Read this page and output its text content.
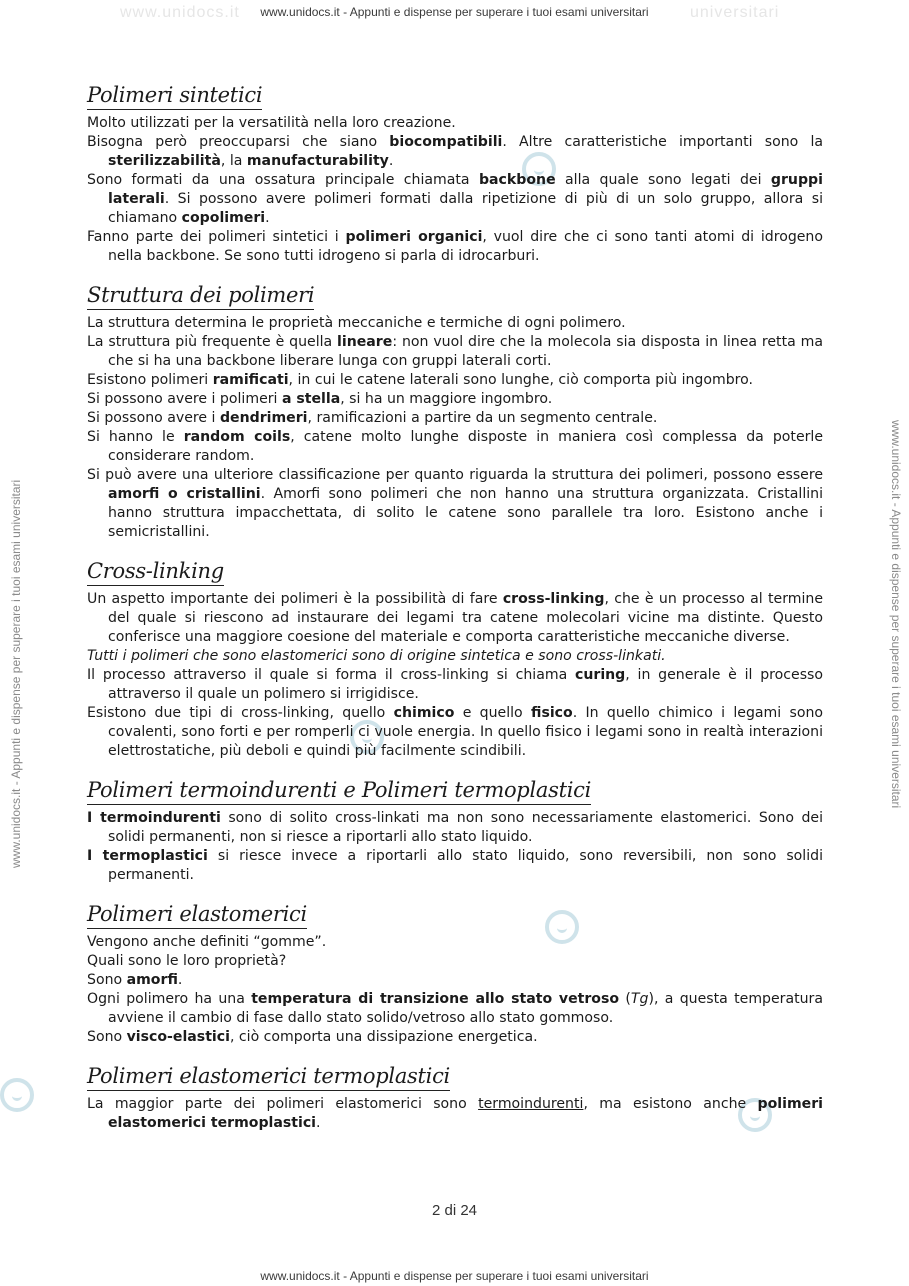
www.unidocs.it - Appunti e dispense per superare i tuoi esami universitari
www.unidocs.it - Appunti e dispense per superare i tuoi esami universitari
www.unidocs.it	universitari
www.unidocs.it - Appunti e dispense per superare i tuoi esami universitari	www.unidocs.it - Appunti e dispense per superare i tuoi esami universitari
Polimeri sintetici

Molto utilizzati per la versatilità nella loro creazione.

Bisogna però preoccuparsi che siano biocompatibili. Altre caratteristiche importanti sono la sterilizzabilità, la manufacturability.

Sono formati da una ossatura principale chiamata backbone alla quale sono legati dei gruppi laterali. Si possono avere polimeri formati dalla ripetizione di più di un solo gruppo, allora si chiamano copolimeri.

Fanno parte dei polimeri sintetici i polimeri organici, vuol dire che ci sono tanti atomi di idrogeno nella backbone. Se sono tutti idrogeno si parla di idrocarburi.

Struttura dei polimeri

La struttura determina le proprietà meccaniche e termiche di ogni polimero.

La struttura più frequente è quella lineare: non vuol dire che la molecola sia disposta in linea retta ma che si ha una backbone liberare lunga con gruppi laterali corti.

Esistono polimeri ramificati, in cui le catene laterali sono lunghe, ciò comporta più ingombro.

Si possono avere i polimeri a stella, si ha un maggiore ingombro.

Si possono avere i dendrimeri, ramificazioni a partire da un segmento centrale.

Si hanno le random coils, catene molto lunghe disposte in maniera così complessa da poterle considerare random.

Si può avere una ulteriore classificazione per quanto riguarda la struttura dei polimeri, possono essere amorfi o cristallini. Amorfi sono polimeri che non hanno una struttura organizzata. Cristallini hanno struttura impacchettata, di solito le catene sono parallele tra loro. Esistono anche i semicristallini.

Cross-linking

Un aspetto importante dei polimeri è la possibilità di fare cross-linking, che è un processo al termine del quale si riescono ad instaurare dei legami tra catene molecolari vicine ma distinte. Questo conferisce una maggiore coesione del materiale e comporta caratteristiche meccaniche diverse.

Tutti i polimeri che sono elastomerici sono di origine sintetica e sono cross-linkati.

Il processo attraverso il quale si forma il cross-linking si chiama curing, in generale è il processo attraverso il quale un polimero si irrigidisce.

Esistono due tipi di cross-linking, quello chimico e quello fisico. In quello chimico i legami sono covalenti, sono forti e per romperli ci vuole energia. In quello fisico i legami sono in realtà interazioni elettrostatiche, più deboli e quindi più facilmente scindibili.

Polimeri termoindurenti e Polimeri termoplastici

I termoindurenti sono di solito cross-linkati ma non sono necessariamente elastomerici. Sono dei solidi permanenti, non si riesce a riportarli allo stato liquido.

I termoplastici si riesce invece a riportarli allo stato liquido, sono reversibili, non sono solidi permanenti.

Polimeri elastomerici

Vengono anche definiti “gomme”.

Quali sono le loro proprietà?

Sono amorfi.

Ogni polimero ha una temperatura di transizione allo stato vetroso (Tg), a questa temperatura avviene il cambio di fase dallo stato solido/vetroso allo stato gommoso.

Sono visco-elastici, ciò comporta una dissipazione energetica.

Polimeri elastomerici termoplastici

La maggior parte dei polimeri elastomerici sono termoindurenti, ma esistono anche polimeri elastomerici termoplastici.

2 di 24
